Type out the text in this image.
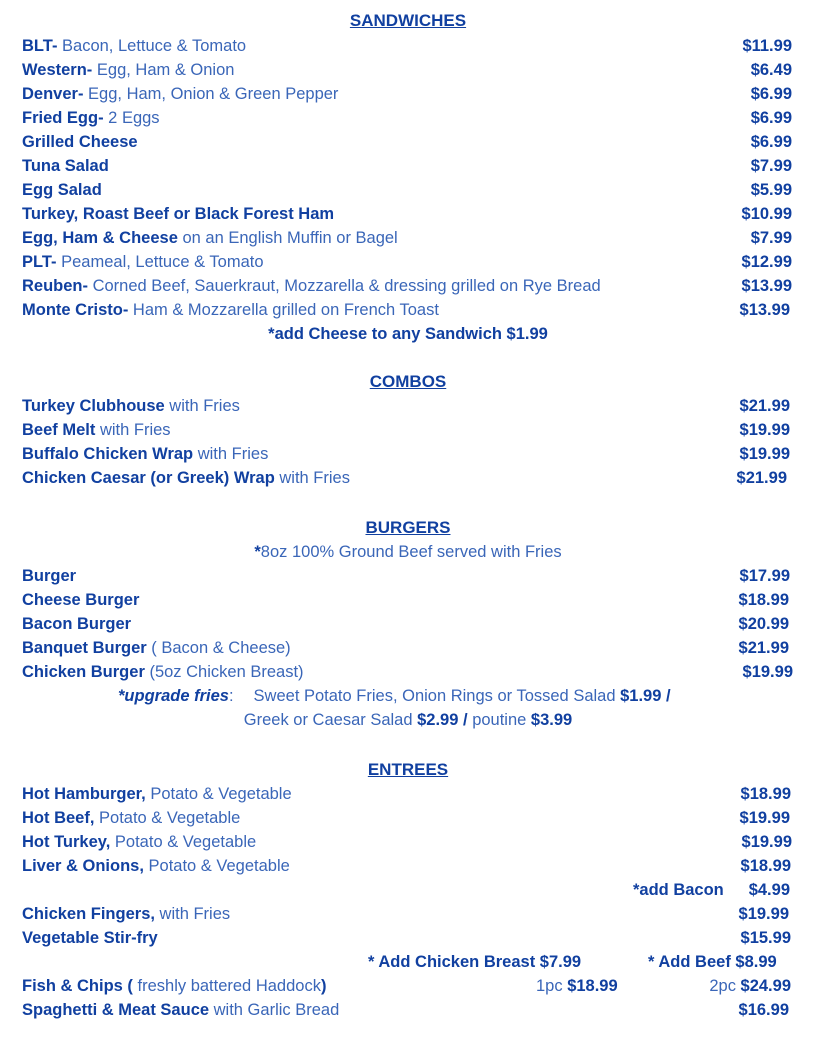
SANDWICHES
BLT- Bacon, Lettuce & Tomato	$11.99
Western- Egg, Ham & Onion	$6.49
Denver- Egg, Ham, Onion & Green Pepper	$6.99
Fried Egg- 2 Eggs	$6.99
Grilled Cheese	$6.99
Tuna Salad	$7.99
Egg Salad	$5.99
Turkey, Roast Beef or Black Forest Ham	$10.99
Egg, Ham & Cheese on an English Muffin or Bagel	$7.99
PLT- Peameal, Lettuce & Tomato	$12.99
Reuben- Corned Beef, Sauerkraut, Mozzarella & dressing grilled on Rye Bread	$13.99
Monte Cristo- Ham & Mozzarella grilled on French Toast	$13.99
*add Cheese to any Sandwich $1.99
COMBOS
Turkey Clubhouse with Fries	$21.99
Beef Melt with Fries	$19.99
Buffalo Chicken Wrap with Fries	$19.99
Chicken Caesar (or Greek) Wrap with Fries	$21.99
BURGERS
*8oz 100% Ground Beef served with Fries
Burger	$17.99
Cheese Burger	$18.99
Bacon Burger	$20.99
Banquet Burger ( Bacon & Cheese)	$21.99
Chicken Burger (5oz Chicken Breast)	$19.99
*upgrade fries: Sweet Potato Fries, Onion Rings or Tossed Salad $1.99 /
Greek or Caesar Salad $2.99 / poutine $3.99
ENTREES
Hot Hamburger, Potato & Vegetable	$18.99
Hot Beef, Potato & Vegetable	$19.99
Hot Turkey, Potato & Vegetable	$19.99
Liver & Onions, Potato & Vegetable	$18.99
*add Bacon $4.99
Chicken Fingers, with Fries	$19.99
Vegetable Stir-fry	$15.99
* Add Chicken Breast $7.99	* Add Beef $8.99
Fish & Chips ( freshly battered Haddock)	1pc $18.99	2pc $24.99
Spaghetti & Meat Sauce with Garlic Bread	$16.99
